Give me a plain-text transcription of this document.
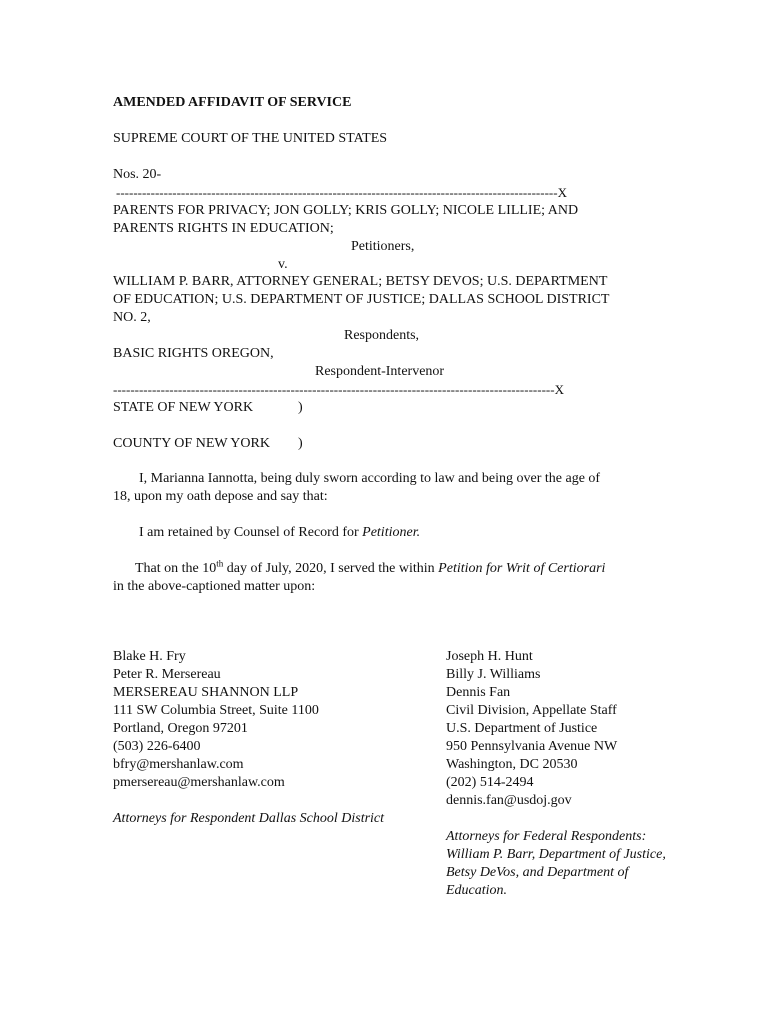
AMENDED AFFIDAVIT OF SERVICE
SUPREME COURT OF THE UNITED STATES
Nos. 20-
------------------------------------------------------------------------------------------------------X
PARENTS FOR PRIVACY; JON GOLLY; KRIS GOLLY; NICOLE LILLIE; AND
PARENTS RIGHTS IN EDUCATION;
Petitioners,
v.
WILLIAM P. BARR, ATTORNEY GENERAL; BETSY DEVOS; U.S. DEPARTMENT
OF EDUCATION; U.S. DEPARTMENT OF JUSTICE; DALLAS SCHOOL DISTRICT
NO. 2,
Respondents,
BASIC RIGHTS OREGON,
Respondent-Intervenor
------------------------------------------------------------------------------------------------------X
STATE OF NEW YORK	)
COUNTY OF NEW YORK )
I, Marianna Iannotta, being duly sworn according to law and being over the age of
18, upon my oath depose and say that:
I am retained by Counsel of Record for Petitioner.
That on the 10th day of July, 2020, I served the within Petition for Writ of Certiorari
in the above-captioned matter upon:
Blake H. Fry
Peter R. Mersereau
MERSEREAU SHANNON LLP
111 SW Columbia Street, Suite 1100
Portland, Oregon 97201
(503) 226-6400
bfry@mershanlaw.com
pmersereau@mershanlaw.com
Attorneys for Respondent Dallas School District
Joseph H. Hunt
Billy J. Williams
Dennis Fan
Civil Division, Appellate Staff
U.S. Department of Justice
950 Pennsylvania Avenue NW
Washington, DC 20530
(202) 514-2494
dennis.fan@usdoj.gov
Attorneys for Federal Respondents:
William P. Barr, Department of Justice,
Betsy DeVos, and Department of
Education.
